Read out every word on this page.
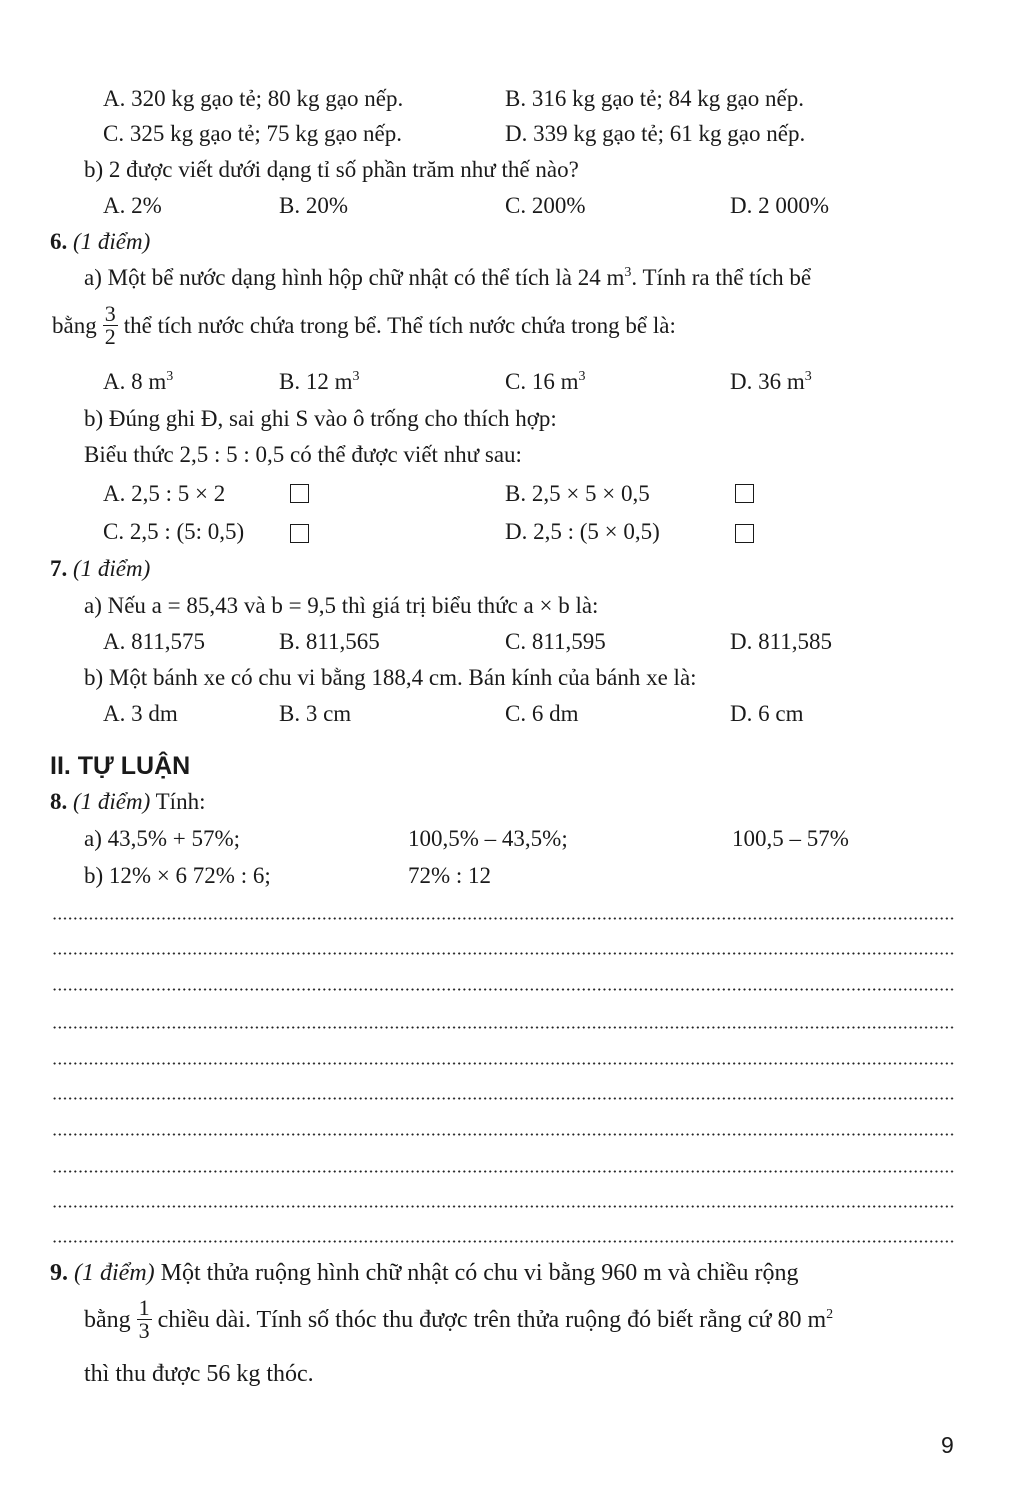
A. 320 kg gạo tẻ; 80 kg gạo nếp.	B. 316 kg gạo tẻ; 84 kg gạo nếp.
C. 325 kg gạo tẻ; 75 kg gạo nếp.	D. 339 kg gạo tẻ; 61 kg gạo nếp.
b) 2 được viết dưới dạng tỉ số phần trăm như thế nào?
A. 2%	B. 20%	C. 200%	D. 2 000%
6. (1 điểm)
a) Một bể nước dạng hình hộp chữ nhật có thể tích là 24 $m^3$. Tính ra thể tích bể
bằng $\frac{3}{2}$ thể tích nước chứa trong bể. Thể tích nước chứa trong bể là:
A. 8 $m^3$	B. 12 $m^3$	C. 16 $m^3$	D. 36 $m^3$
b) Đúng ghi Đ, sai ghi S vào ô trống cho thích hợp:
Biểu thức 2,5 : 5 : 0,5 có thể được viết như sau:
A. 2,5 : 5 × 2	B. 2,5 × 5 × 0,5
C. 2,5 : (5: 0,5)	D. 2,5 : (5 × 0,5)
7. (1 điểm)
a) Nếu a = 85,43 và b = 9,5 thì giá trị biểu thức a × b là:
A. 811,575	B. 811,565	C. 811,595	D. 811,585
b) Một bánh xe có chu vi bằng 188,4 cm. Bán kính của bánh xe là:
A. 3 dm	B. 3 cm	C. 6 dm	D. 6 cm
II. TỰ LUẬN
8. (1 điểm) Tính:
a) 43,5% + 57%;	100,5% – 43,5%;	100,5 – 57%
b) 12% × 6 72% : 6;	72% : 12
9. (1 điểm) Một thửa ruộng hình chữ nhật có chu vi bằng 960 m và chiều rộng
bằng $\frac{1}{3}$ chiều dài. Tính số thóc thu được trên thửa ruộng đó biết rằng cứ 80 $m^2$
thì thu được 56 kg thóc.
9
